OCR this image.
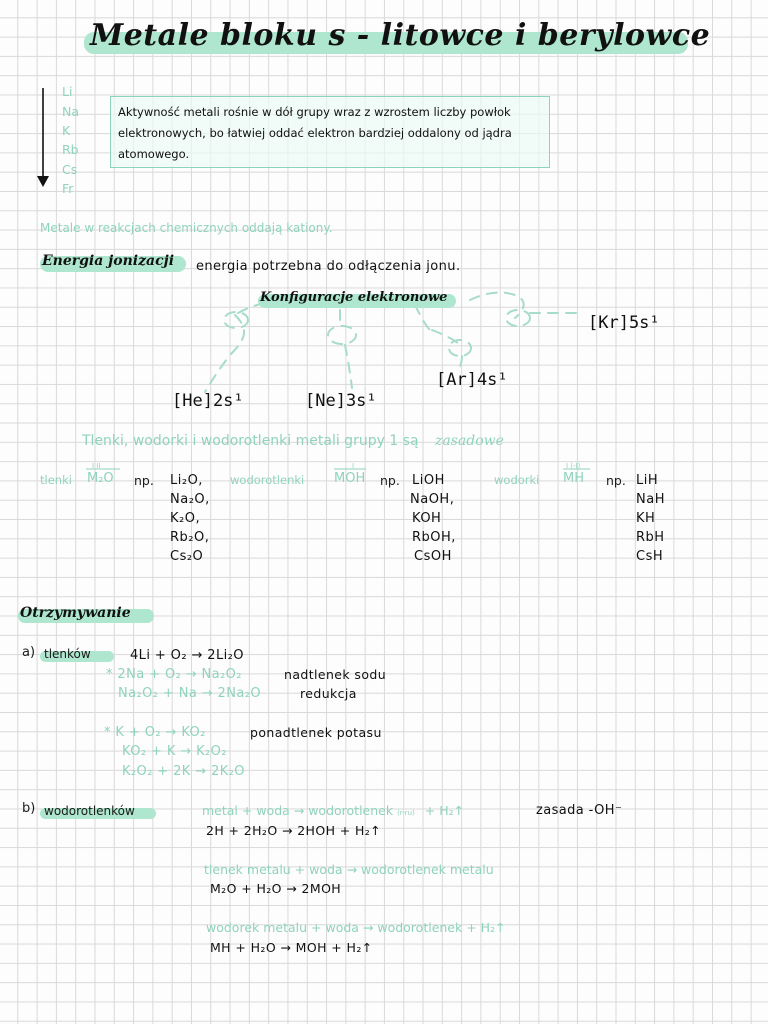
Metale bloku s - litowce i berylowce
Li
Na
K
Rb
Cs
Fr
Aktywność metali rośnie w dół grupy wraz z wzrostem liczby powłok elektronowych, bo łatwiej oddać elektron bardziej oddalony od jądra atomowego.
Metale w reakcjach chemicznych oddają kationy.
Energia jonizacji energia potrzebna do odłączenia jonu.
Konfiguracje elektronowe
[Kr]5s¹
[Ar]4s¹
[He]2s¹	[Ne]3s¹
Tlenki, wodorki i wodorotlenki metali grupy 1 są zasadowe
tlenki
I II
M₂O np. Li₂O,
Na₂O,
K₂O,
Rb₂O,
Cs₂O
wodorotlenki
I
MOH np. LiOH
NaOH,
KOH
RbOH,
CsOH
wodorki
I (-I)
MH np. LiH
NaH
KH
RbH
CsH
Otrzymywanie
a) tlenków	4Li + O₂ → 2Li₂O
* 2Na + O₂ → Na₂O₂	nadtlenek sodu
Na₂O₂ + Na → 2Na₂O	redukcja
* K + O₂ → KO₂	ponadtlenek potasu
KO₂ + K → K₂O₂
K₂O₂ + 2K → 2K₂O
b) wodorotlenków	metal + woda → wodorotlenek (r-ru) + H₂↑	zasada -OH⁻
2H + 2H₂O → 2HOH + H₂↑
tlenek metalu + woda → wodorotlenek metalu
M₂O + H₂O → 2MOH
wodorek metalu + woda → wodorotlenek + H₂↑
MH + H₂O → MOH + H₂↑
